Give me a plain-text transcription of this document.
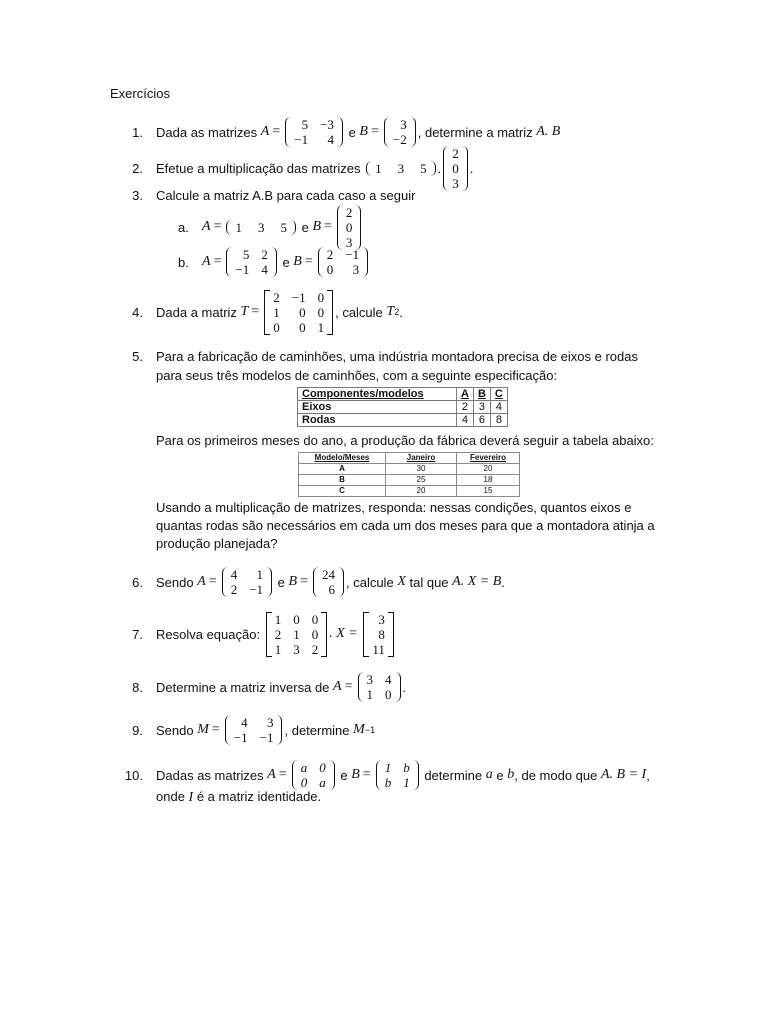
Exercícios
1. Dada as matrizes
A =	5 −3
−1	4
e
B =	3
−2 , determine a matriz
A. B
2. Efetue a multiplicação das matrizes
1 3 5 .
2
0
3
.
3. Calcule a matriz A.B para cada caso a seguir
a. A = 1 3 5
e
B =
2
0
3
b. A =	5 2
−1 4
e
B = 2 −1
0	3
4. Dada a matriz
T =
2 −1 0
1	0 0
0	0 1
, calcule
T 2 .
5. Para a fabricação de caminhões, uma indústria montadora precisa de eixos e rodas
para seus três modelos de caminhões, com a seguinte especificação:
Componentes/modelos	A	B	C
Eixos	2	3	4
Rodas	4	6	8
Para os primeiros meses do ano, a produção da fábrica deverá seguir a tabela abaixo:
Modelo/Meses	Janeiro	Fevereiro
A	30	20
B	25	18
C	20	15
Usando a multiplicação de matrizes, responda: nessas condições, quantos eixos e
quantas rodas são necessários em cada um dos meses para que a montadora atinja a
produção planejada?
6. Sendo
A = 4	1
2 −1
e
B = 24
6 , calcule
X
tal que
A. X = B .
7. Resolva equação:

1 0 0
2 1 0
1 3 2
. X =

3
8
11
8. Determine a matriz inversa de
A = 3 4
1 0 .
9. Sendo
M =	4	3
−1 −1 , determine
M −1
10. Dadas as matrizes
A = a 0
0 a
e
B = 1 b
b 1
determine
a
e
b , de modo que
A. B = I ,
onde I é a matriz identidade.
